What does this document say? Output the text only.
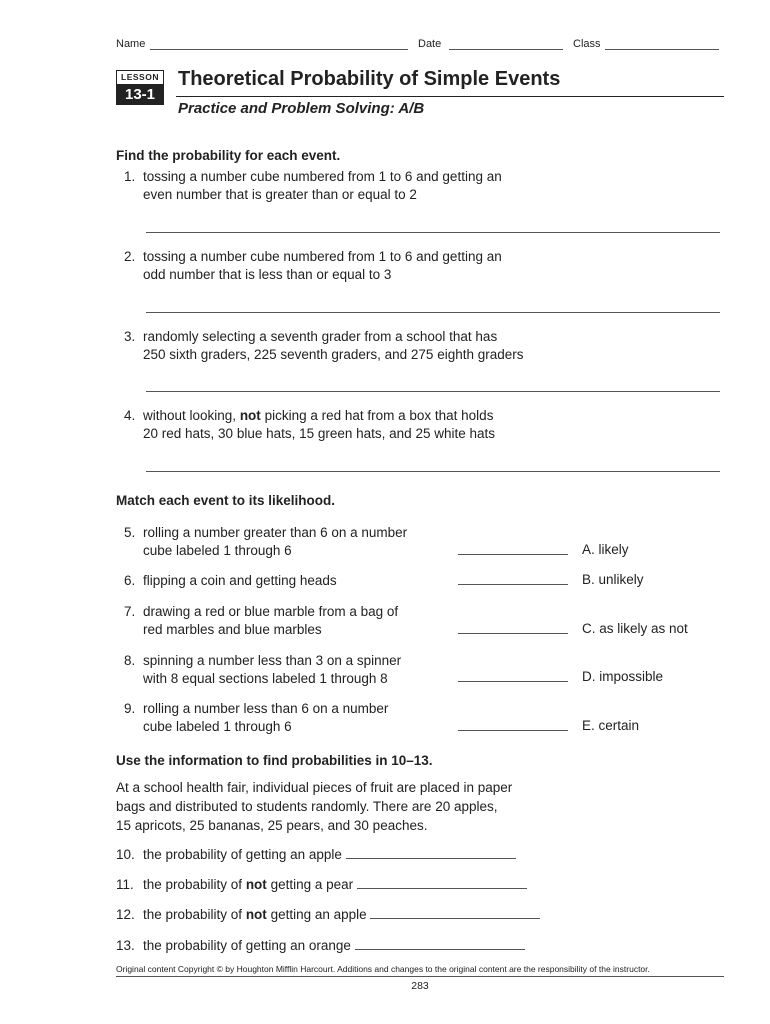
Name	Date	Class
LESSON
13-1
Theoretical Probability of Simple Events
Practice and Problem Solving: A/B
Find the probability for each event.
1. tossing a number cube numbered from 1 to 6 and getting an
even number that is greater than or equal to 2
2. tossing a number cube numbered from 1 to 6 and getting an
odd number that is less than or equal to 3
3. randomly selecting a seventh grader from a school that has
250 sixth graders, 225 seventh graders, and 275 eighth graders
4. without looking, not picking a red hat from a box that holds
20 red hats, 30 blue hats, 15 green hats, and 25 white hats
Match each event to its likelihood.
5. rolling a number greater than 6 on a number
cube labeled 1 through 6	A. likely
6. flipping a coin and getting heads	B. unlikely
7. drawing a red or blue marble from a bag of
red marbles and blue marbles	C. as likely as not
8. spinning a number less than 3 on a spinner
with 8 equal sections labeled 1 through 8	D. impossible
9. rolling a number less than 6 on a number
cube labeled 1 through 6	E. certain
Use the information to find probabilities in 10–13.
At a school health fair, individual pieces of fruit are placed in paper
bags and distributed to students randomly. There are 20 apples,
15 apricots, 25 bananas, 25 pears, and 30 peaches.
10. the probability of getting an apple
11. the probability of not getting a pear
12. the probability of not getting an apple
13. the probability of getting an orange
Original content Copyright © by Houghton Mifflin Harcourt. Additions and changes to the original content are the responsibility of the instructor.
283
